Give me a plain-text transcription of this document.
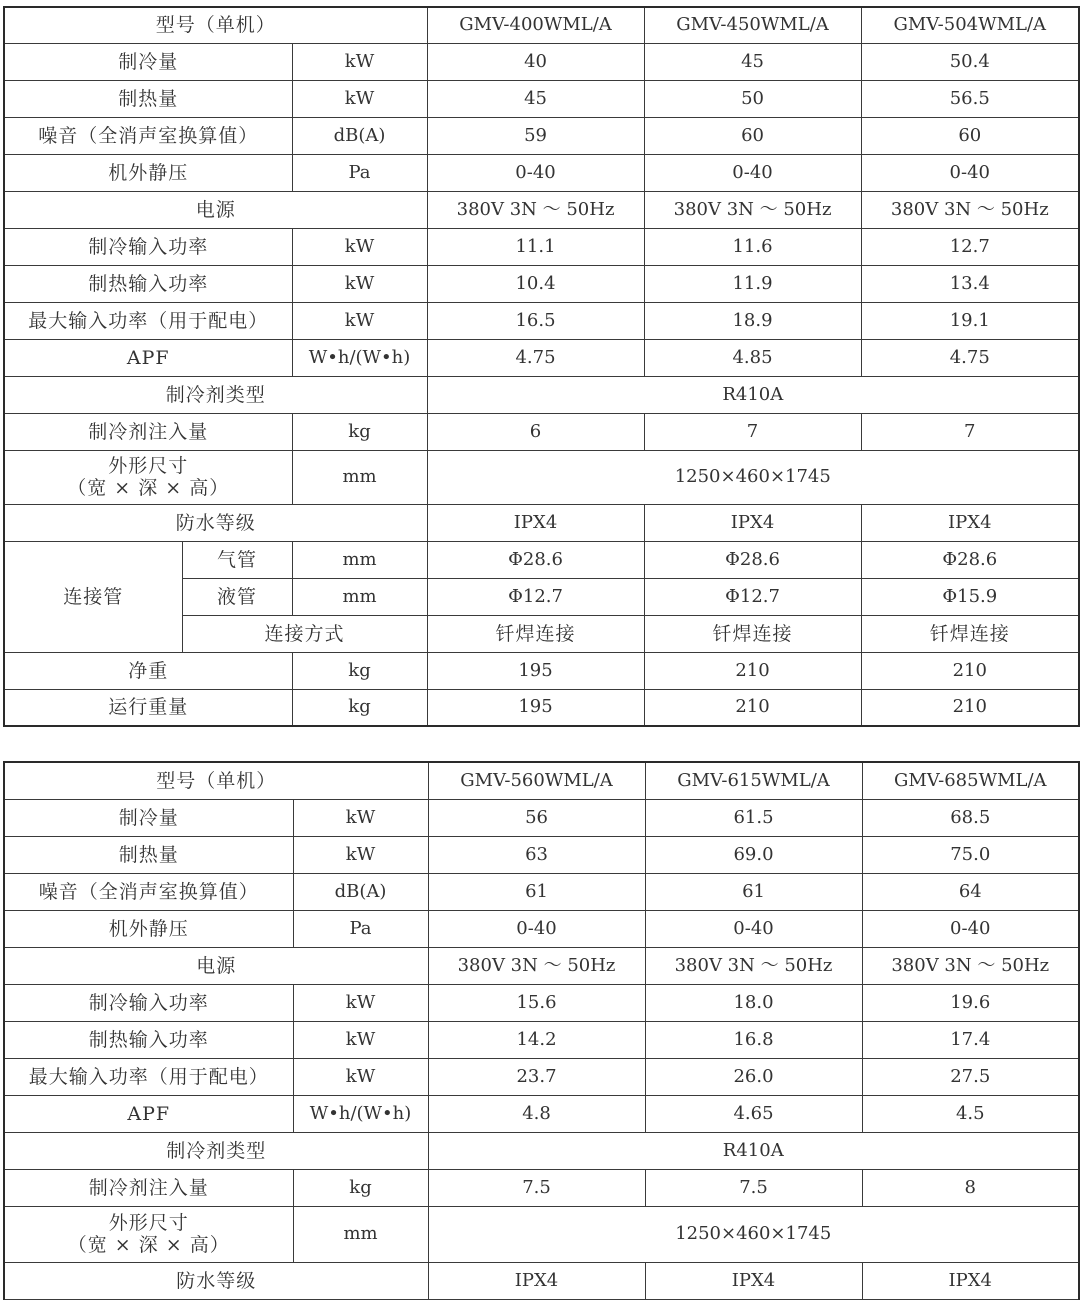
型号（单机）			GMV-400WML/A	GMV-450WML/A	GMV-504WML/A
制冷量		kW	40	45	50.4
制热量		kW	45	50	56.5
噪音（全消声室换算值）		dB(A)	59	60	60
机外静压		Pa	0-40	0-40	0-40
电源			380V 3N ～ 50Hz	380V 3N ～ 50Hz	380V 3N ～ 50Hz
制冷输入功率		kW	11.1	11.6	12.7
制热输入功率		kW	10.4	11.9	13.4
最大输入功率（用于配电）		kW	16.5	18.9	19.1
APF		W•h/(W•h)	4.75	4.85	4.75
制冷剂类型			R410A		
制冷剂注入量		kg	6	7	7

外形尺寸
（宽 × 深 × 高）		mm	1250×460×1745		
防水等级			IPX4	IPX4	IPX4
连接管	气管	mm	Φ28.6	Φ28.6	Φ28.6
	液管	mm	Φ12.7	Φ12.7	Φ15.9
	连接方式		钎焊连接	钎焊连接	钎焊连接
净重		kg	195	210	210
运行重量		kg	195	210	210
型号（单机）		GMV-560WML/A	GMV-615WML/A	GMV-685WML/A
制冷量	kW	56	61.5	68.5
制热量	kW	63	69.0	75.0
噪音（全消声室换算值）	dB(A)	61	61	64
机外静压	Pa	0-40	0-40	0-40
电源		380V 3N ～ 50Hz	380V 3N ～ 50Hz	380V 3N ～ 50Hz
制冷输入功率	kW	15.6	18.0	19.6
制热输入功率	kW	14.2	16.8	17.4
最大输入功率（用于配电）	kW	23.7	26.0	27.5
APF	W•h/(W•h)	4.8	4.65	4.5
制冷剂类型		R410A		
制冷剂注入量	kg	7.5	7.5	8

外形尺寸
（宽 × 深 × 高）	mm	1250×460×1745		
防水等级		IPX4	IPX4	IPX4
